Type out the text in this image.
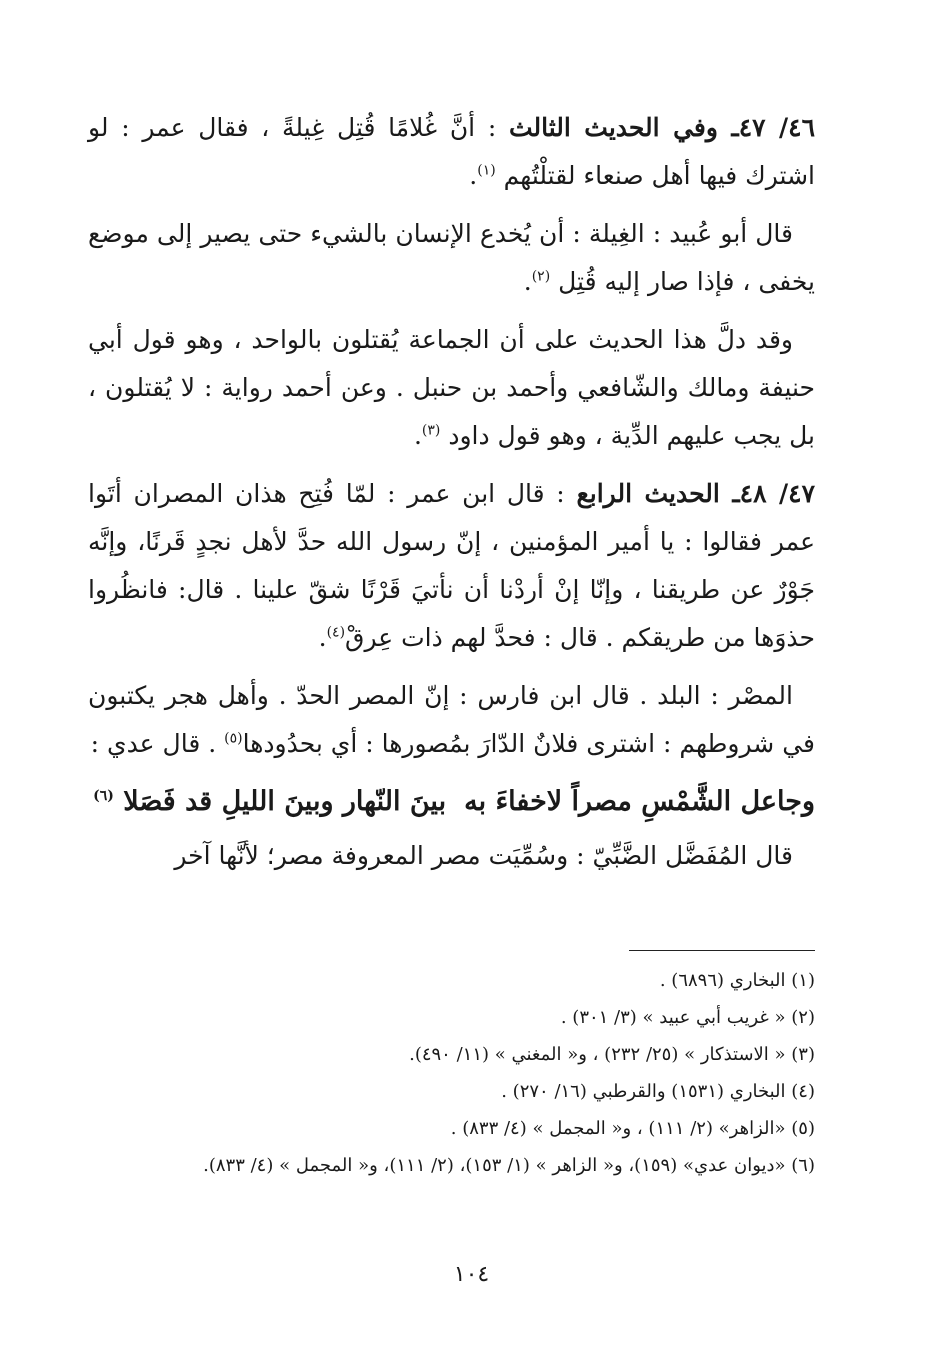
٤٦/ ٤٧ـ وفي الحديث الثالث : أنَّ غُلامًا قُتِل غِيلةً ، فقال عمر : لو اشترك فيها أهل صنعاء لقتلْتُهم $^{(١)}$.

قال أبو عُبيد : الغِيلة : أن يُخدع الإنسان بالشيء حتى يصير إلى موضع يخفى ، فإذا صار إليه قُتِل $^{(٢)}$.

وقد دلَّ هذا الحديث على أن الجماعة يُقتلون بالواحد ، وهو قول أبي حنيفة ومالك والشّافعي وأحمد بن حنبل . وعن أحمد رواية : لا يُقتلون ، بل يجب عليهم الدِّية ، وهو قول داود $^{(٣)}$.

٤٧/ ٤٨ـ الحديث الرابع : قال ابن عمر : لمّا فُتِح هذان المصران أتَوا عمر فقالوا : يا أمير المؤمنين ، إنّ رسول الله حدَّ لأهل نجدٍ قَرنًا، وإنَّه جَوْرٌ عن طريقنا ، وإنّا إنْ أردْنا أن نأتيَ قَرْنًا شقّ علينا . قال: فانظُروا حذوَها من طريقكم . قال : فحدَّ لهم ذات عِرقْ$^{(٤)}$.

المصْر : البلد . قال ابن فارس : إنّ المصر الحدّ . وأهل هجر يكتبون في شروطهم : اشترى فلانٌ الدّارَ بمُصورها : أي بحدُودها$^{(٥)}$ . قال عدي :

وجاعل الشَّمْسِ مصراً لاخفاءَ بهبينَ النّهار وبينَ الليلِ قد فَصَلا (٦)

قال المُفَضَّل الضَّبِّيّ : وسُمِّيَت مصر المعروفة مصر؛ لأنَّها آخر

(١) البخاري (٦٨٩٦) .

(٢) « غريب أبي عبيد » (٣/ ٣٠١) .

(٣) « الاستذكار » (٢٥/ ٢٣٢) ، و« المغني » (١١/ ٤٩٠).

(٤) البخاري (١٥٣١) والقرطبي (١٦/ ٢٧٠) .

(٥) «الزاهر» (٢/ ١١١) ، و« المجمل » (٤/ ٨٣٣) .

(٦) «ديوان عدي» (١٥٩)، و« الزاهر » (١/ ١٥٣)، (٢/ ١١١)، و« المجمل » (٤/ ٨٣٣).

١٠٤
